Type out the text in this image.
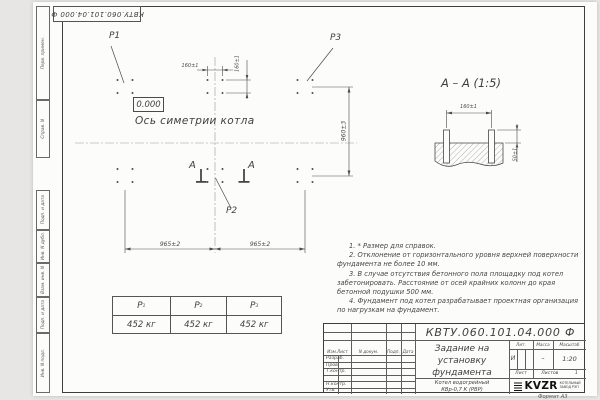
Перв. примен.
Справ. N
Подп. и дата
Инв. N дубл.
Взам. инв. N
Подп. и дата
Инв. N подл.
КВТУ.060.101.04.000 Ф
P1	P3
P2
160±1	160±1
965±2	965±2
960±3
0.000
Ось симетрии котла
А	А
А – А (1:5)
160±1
50±1

1. * Размер для справок.

2. Отклонение от горизонтального уровня верхней поверхности фундамента не более 10 мм.

3. В случае отсутствия бетонного пола площадку под котел забетонировать. Расстояние от осей крайних колонн до края бетонной подушки 500 мм.

4. Фундамент под котел разрабатывает проектная организация по нагрузкам на фундамент.

P 1	P 2	P 3
452 кг	452 кг	452 кг
Изм.Лист	N докум.	Подп. Дата
Разраб.
Пров.
Т.контр.
Н.контр.
Утв.
КВТУ.060.101.04.000 Ф
Задание на
установку
фундамента
Котел водогрейный
КВр-0,7 К (РВР)
Лит.	Масса	Масштаб
И	–	1:20
Лист	Листов	1
KVZR КОТЕЛЬНЫЙ
ЗАВОД РЭП
Формат А3
